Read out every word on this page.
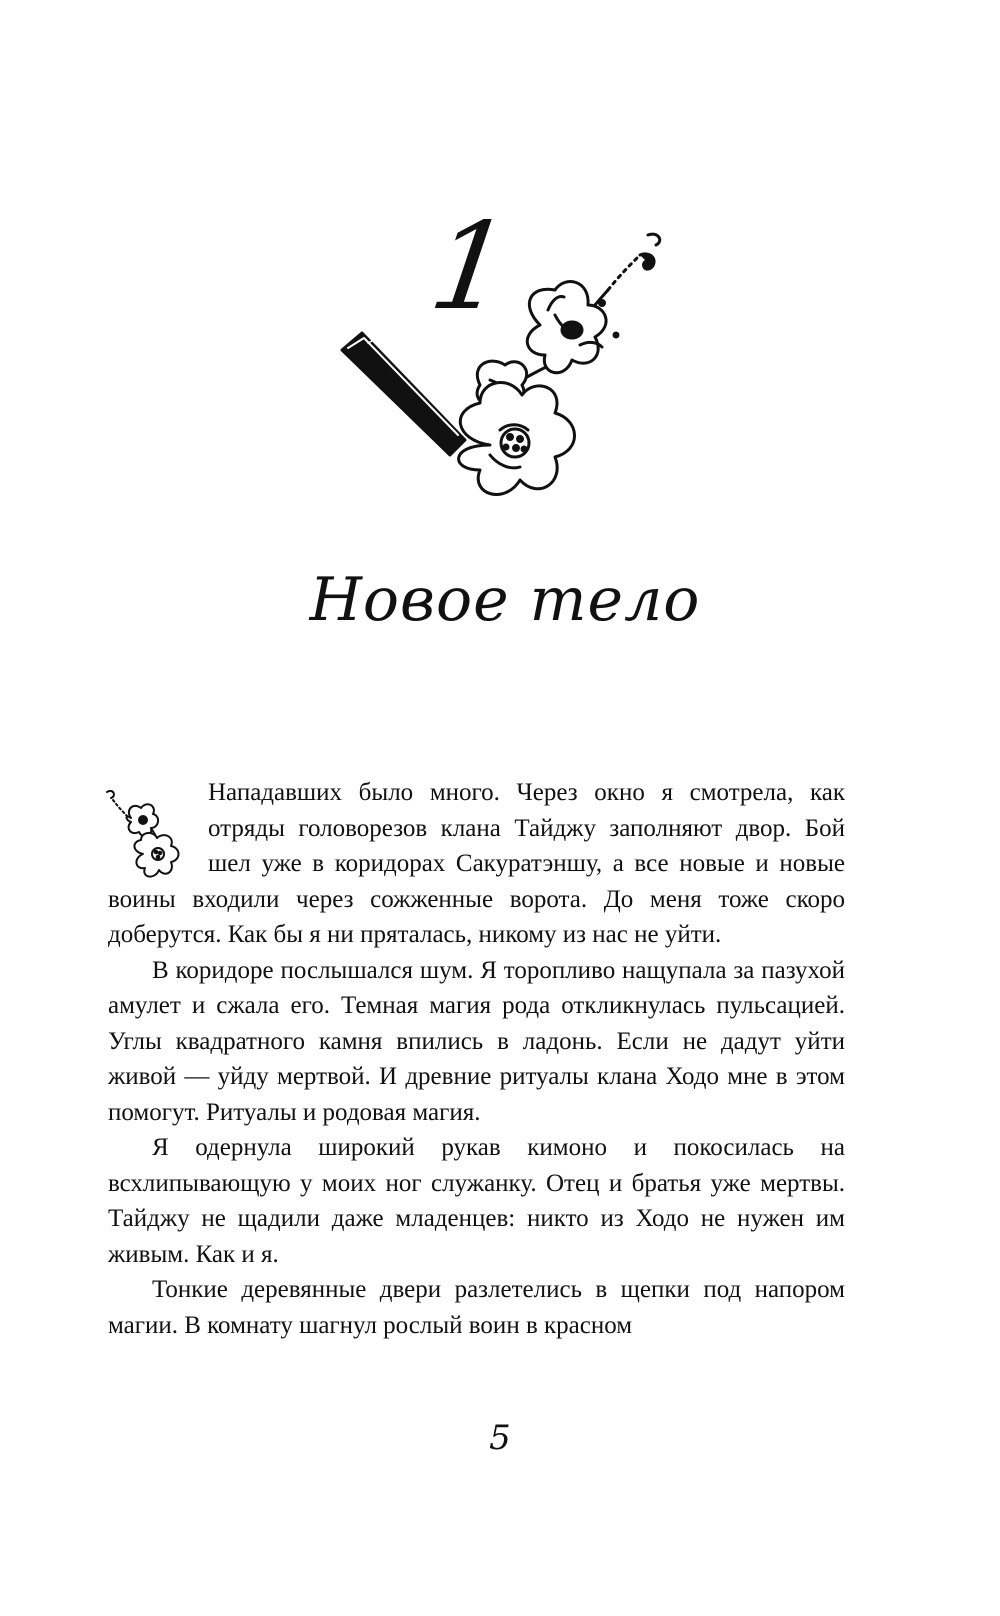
1
Новое тело

Нападавших было много. Через окно я смотрела, как отряды головорезов клана Тайджу заполняют двор. Бой шел уже в коридорах Сакуратэншу, а все новые и новые воины входили через сожженные ворота. До меня тоже скоро доберутся. Как бы я ни пряталась, никому из нас не уйти.

В коридоре послышался шум. Я торопливо нащупала за пазухой амулет и сжала его. Темная магия рода откликнулась пульсацией. Углы квадратного камня впились в ладонь. Если не дадут уйти живой — уйду мертвой. И древние ритуалы клана Ходо мне в этом помогут. Ритуалы и родовая магия.

Я одернула широкий рукав кимоно и покосилась на всхлипывающую у моих ног служанку. Отец и братья уже мертвы. Тайджу не щадили даже младенцев: никто из Ходо не нужен им живым. Как и я.

Тонкие деревянные двери разлетелись в щепки под напором магии. В комнату шагнул рослый воин в красном

5
